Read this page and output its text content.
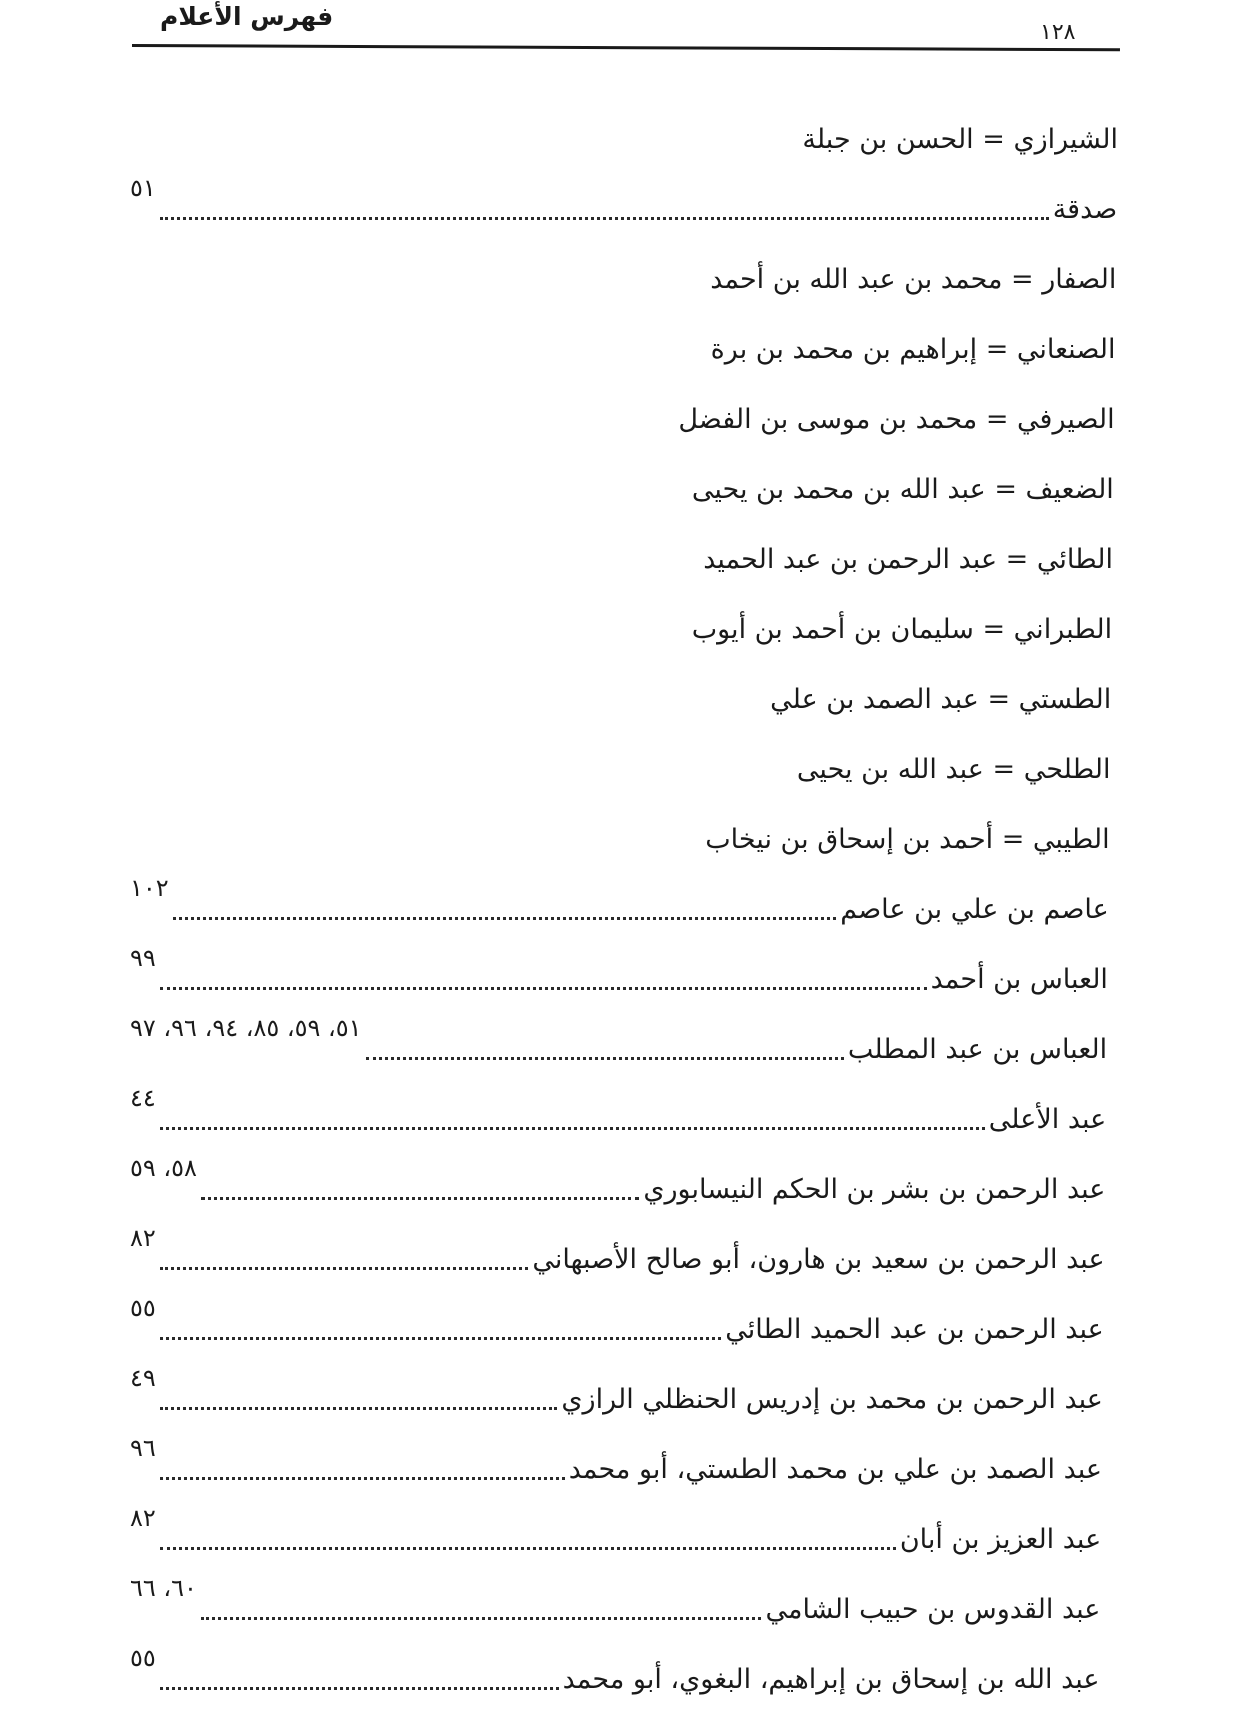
فهرس الأعلام
١٢٨
الشيرازي = الحسن بن جبلة
صدقة
٥١
الصفار = محمد بن عبد الله بن أحمد
الصنعاني = إبراهيم بن محمد بن برة
الصيرفي = محمد بن موسى بن الفضل
الضعيف = عبد الله بن محمد بن يحيى
الطائي = عبد الرحمن بن عبد الحميد
الطبراني = سليمان بن أحمد بن أيوب
الطستي = عبد الصمد بن علي
الطلحي = عبد الله بن يحيى
الطيبي = أحمد بن إسحاق بن نيخاب
عاصم بن علي بن عاصم
١٠٢
العباس بن أحمد
٩٩
العباس بن عبد المطلب
٥١، ٥٩، ٨٥، ٩٤، ٩٦، ٩٧
عبد الأعلى
٤٤
عبد الرحمن بن بشر بن الحكم النيسابوري
٥٨، ٥٩
عبد الرحمن بن سعيد بن هارون، أبو صالح الأصبهاني
٨٢
عبد الرحمن بن عبد الحميد الطائي
٥٥
عبد الرحمن بن محمد بن إدريس الحنظلي الرازي
٤٩
عبد الصمد بن علي بن محمد الطستي، أبو محمد
٩٦
عبد العزيز بن أبان
٨٢
عبد القدوس بن حبيب الشامي
٦٠، ٦٦
عبد الله بن إسحاق بن إبراهيم، البغوي، أبو محمد
٥٥
